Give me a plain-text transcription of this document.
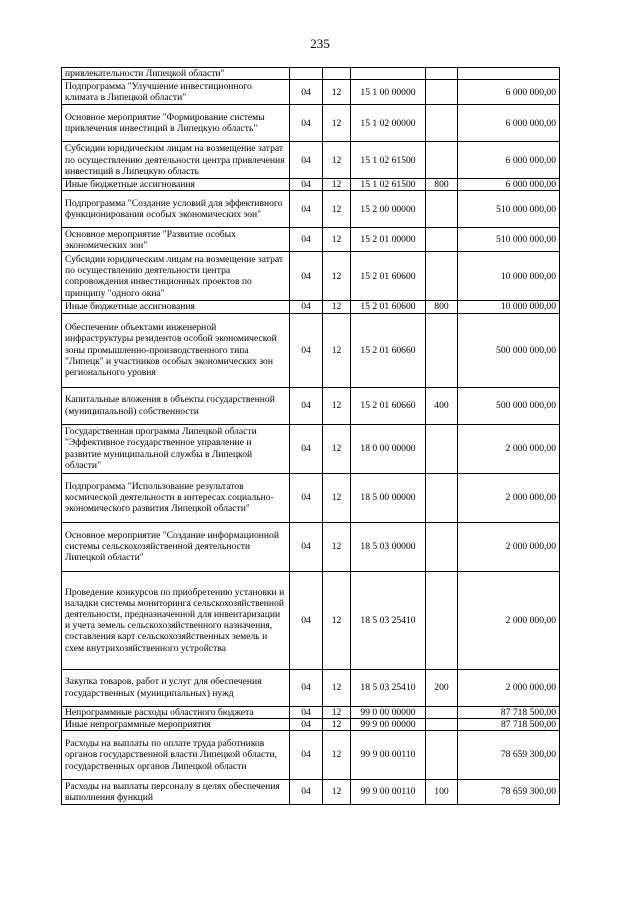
235
привлекательности Липецкой области"					
Подпрограмма "Улучшение инвестиционного климата в Липецкой области"	04	12	15 1 00 00000		6 000 000,00
Основное мероприятие "Формирование системы привлечения инвестиций в Липецкую область"	04	12	15 1 02 00000		6 000 000,00
Субсидии юридическим лицам на возмещение затрат по осуществлению деятельности центра привлечения инвестиций в Липецкую область	04	12	15 1 02 61500		6 000 000,00
Иные бюджетные ассигнования	04	12	15 1 02 61500	800	6 000 000,00
Подпрограмма "Создание условий для эффективного функционирования особых экономических зон"	04	12	15 2 00 00000		510 000 000,00
Основное мероприятие "Развитие особых экономических зон"	04	12	15 2 01 00000		510 000 000,00
Субсидии юридическим лицам на возмещение затрат по осуществлению деятельности центра сопровождения инвестиционных проектов по принципу "одного окна"	04	12	15 2 01 60600		10 000 000,00
Иные бюджетные ассигнования	04	12	15 2 01 60600	800	10 000 000,00
Обеспечение объектами инженерной инфраструктуры резидентов особой экономической зоны промышленно-производственного типа "Липецк" и участников особых экономических зон регионального уровня	04	12	15 2 01 60660		500 000 000,00
Капитальные вложения в объекты государственной (муниципальной) собственности	04	12	15 2 01 60660	400	500 000 000,00
Государственная программа Липецкой области "Эффективное государственное управление и развитие муниципальной службы в Липецкой области"	04	12	18 0 00 00000		2 000 000,00
Подпрограмма "Использование результатов космической деятельности в интересах социально-экономического развития Липецкой области"	04	12	18 5 00 00000		2 000 000,00
Основное мероприятие "Создание информационной системы сельскохозяйственной деятельности Липецкой области"	04	12	18 5 03 00000		2 000 000,00
Проведение конкурсов по приобретению установки и наладки системы мониторинга сельскохозяйственной деятельности, предназначенной для инвентаризации и учета земель сельскохозяйственного назначения, составления карт сельскохозяйственных земель и схем внутрихозяйственного устройства	04	12	18 5 03 25410		2 000 000,00
Закупка товаров, работ и услуг для обеспечения государственных (муниципальных) нужд	04	12	18 5 03 25410	200	2 000 000,00
Непрограммные расходы областного бюджета	04	12	99 0 00 00000		87 718 500,00
Иные непрограммные мероприятия	04	12	99 9 00 00000		87 718 500,00
Расходы на выплаты по оплате труда работников органов государственной власти Липецкой области, государственных органов Липецкой области	04	12	99 9 00 00110		78 659 300,00
Расходы на выплаты персоналу в целях обеспечения выполнения функций	04	12	99 9 00 00110	100	78 659 300,00
